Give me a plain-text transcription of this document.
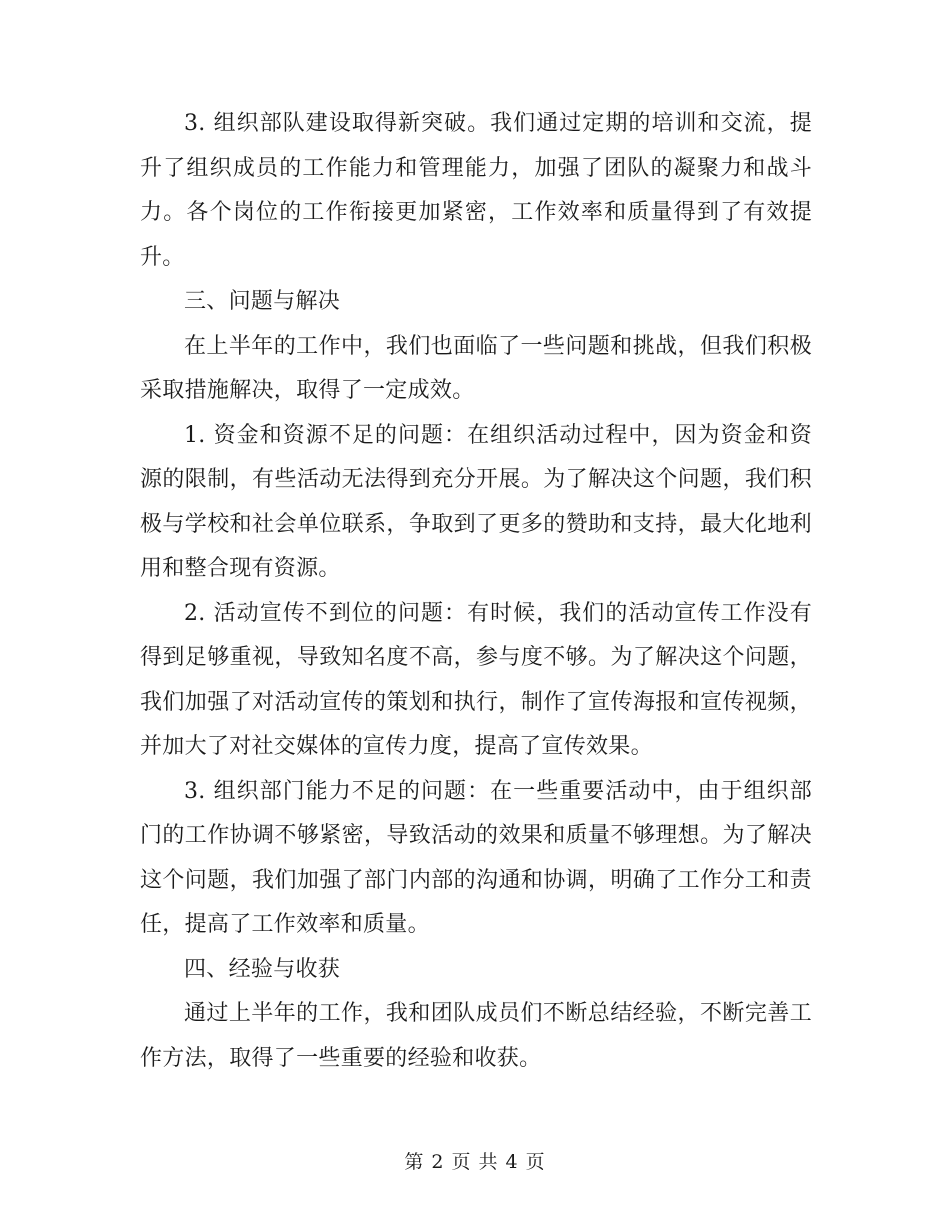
3. 组织部队建设取得新突破。我们通过定期的培训和交流，提升了组织成员的工作能力和管理能力，加强了团队的凝聚力和战斗力。各个岗位的工作衔接更加紧密，工作效率和质量得到了有效提升。

三、问题与解决

在上半年的工作中，我们也面临了一些问题和挑战，但我们积极采取措施解决，取得了一定成效。

1. 资金和资源不足的问题：在组织活动过程中，因为资金和资源的限制，有些活动无法得到充分开展。为了解决这个问题，我们积极与学校和社会单位联系，争取到了更多的赞助和支持，最大化地利用和整合现有资源。

2. 活动宣传不到位的问题：有时候，我们的活动宣传工作没有得到足够重视，导致知名度不高，参与度不够。为了解决这个问题，我们加强了对活动宣传的策划和执行，制作了宣传海报和宣传视频，并加大了对社交媒体的宣传力度，提高了宣传效果。

3. 组织部门能力不足的问题：在一些重要活动中，由于组织部门的工作协调不够紧密，导致活动的效果和质量不够理想。为了解决这个问题，我们加强了部门内部的沟通和协调，明确了工作分工和责任，提高了工作效率和质量。

四、经验与收获

通过上半年的工作，我和团队成员们不断总结经验，不断完善工作方法，取得了一些重要的经验和收获。

第 2 页 共 4 页
